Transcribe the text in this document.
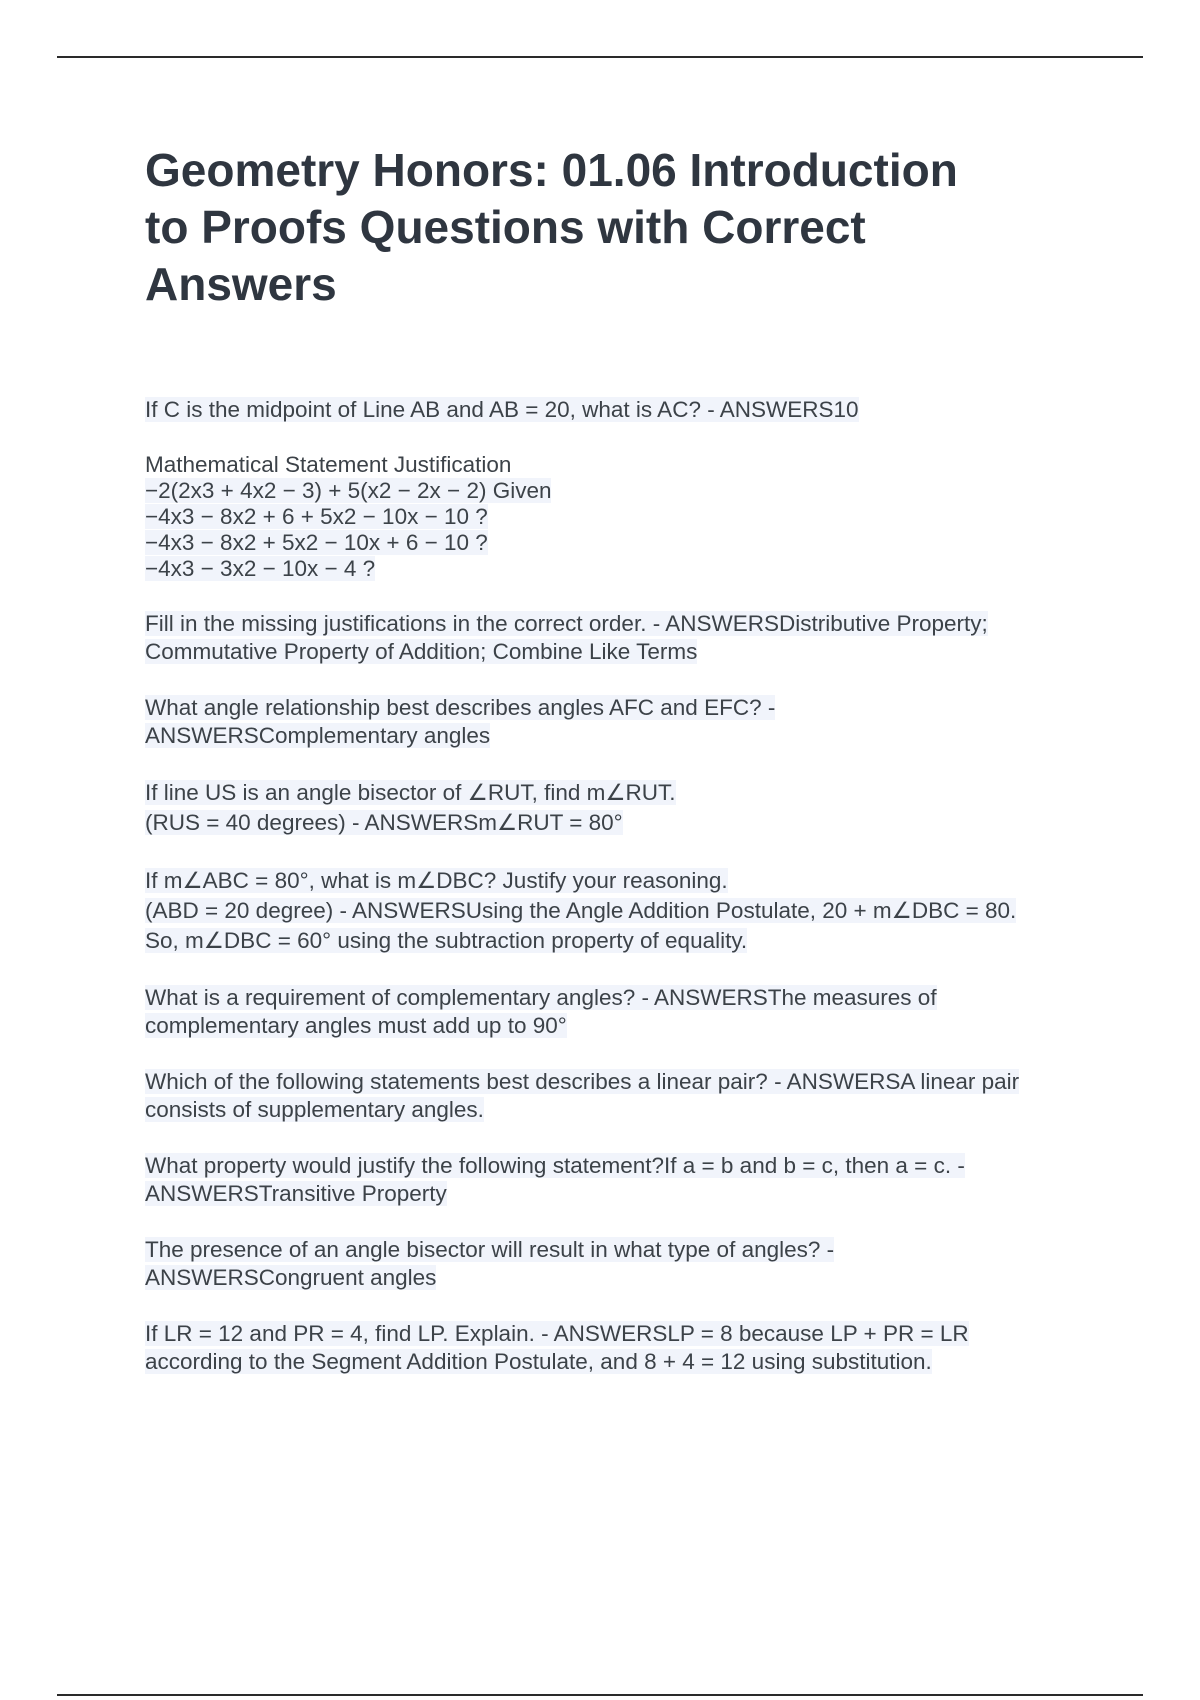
Geometry Honors: 01.06 Introduction
to Proofs Questions with Correct
Answers
If C is the midpoint of Line AB and AB = 20, what is AC? - ANSWERS10
Mathematical Statement Justification
−2(2x3 + 4x2 − 3) + 5(x2 − 2x − 2) Given
−4x3 − 8x2 + 6 + 5x2 − 10x − 10 ?
−4x3 − 8x2 + 5x2 − 10x + 6 − 10 ?
−4x3 − 3x2 − 10x − 4 ?
Fill in the missing justifications in the correct order. - ANSWERSDistributive Property;
Commutative Property of Addition; Combine Like Terms
What angle relationship best describes angles AFC and EFC? -
ANSWERSComplementary angles
If line US is an angle bisector of ∠RUT, find m∠RUT.
(RUS = 40 degrees) - ANSWERSm∠RUT = 80°
If m∠ABC = 80°, what is m∠DBC? Justify your reasoning.
(ABD = 20 degree) - ANSWERSUsing the Angle Addition Postulate, 20 + m∠DBC = 80.
So, m∠DBC = 60° using the subtraction property of equality.
What is a requirement of complementary angles? - ANSWERSThe measures of
complementary angles must add up to 90°
Which of the following statements best describes a linear pair? - ANSWERSA linear pair
consists of supplementary angles.
What property would justify the following statement?If a = b and b = c, then a = c. -
ANSWERSTransitive Property
The presence of an angle bisector will result in what type of angles? -
ANSWERSCongruent angles
If LR = 12 and PR = 4, find LP. Explain. - ANSWERSLP = 8 because LP + PR = LR
according to the Segment Addition Postulate, and 8 + 4 = 12 using substitution.
